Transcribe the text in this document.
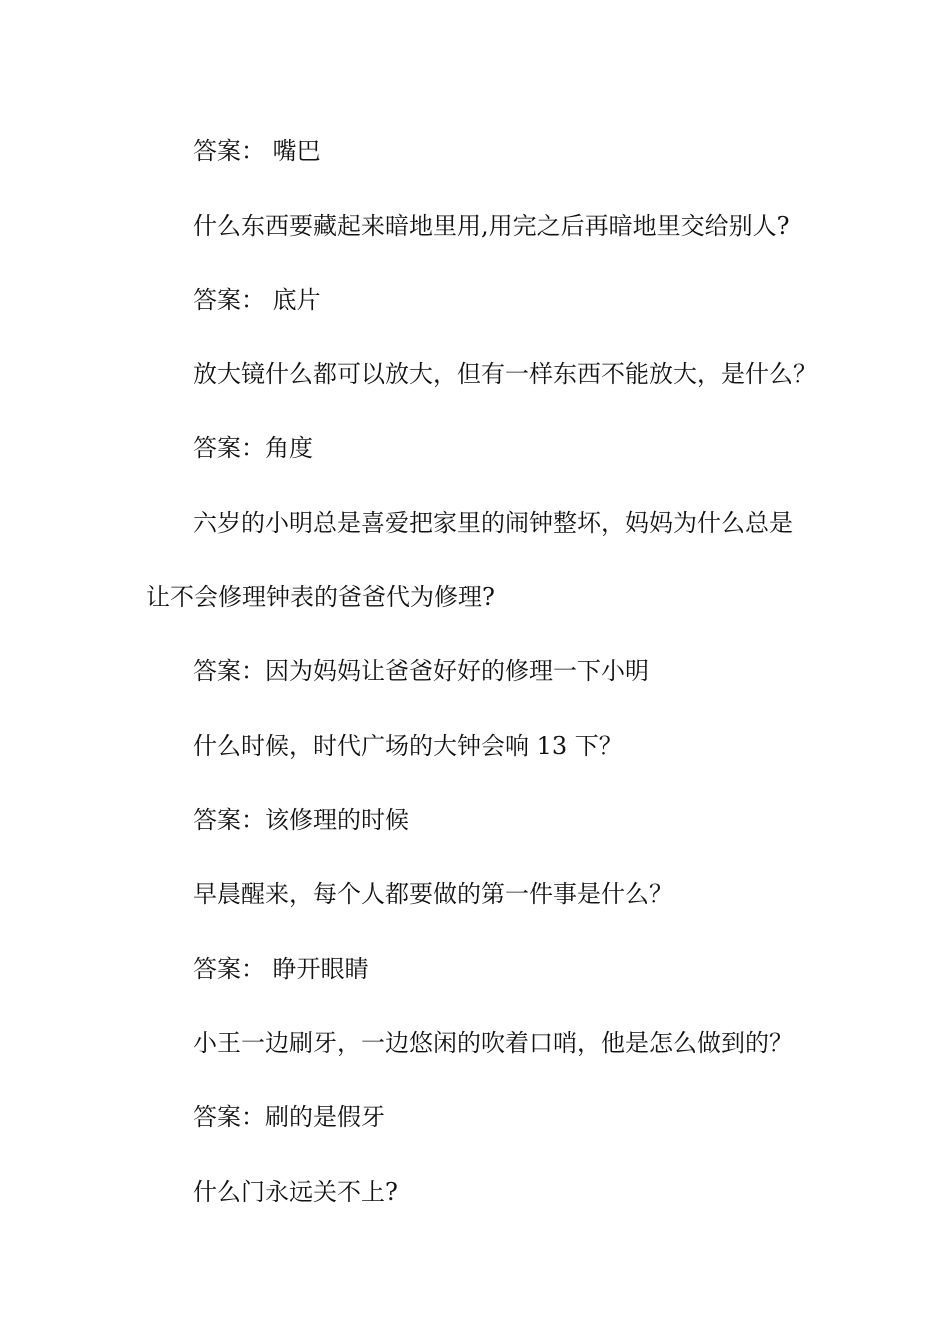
答案： 嘴巴
什么东西要藏起来暗地里用,用完之后再暗地里交给别人?
答案： 底片
放大镜什么都可以放大，但有一样东西不能放大，是什么？
答案：角度
六岁的小明总是喜爱把家里的闹钟整坏，妈妈为什么总是
让不会修理钟表的爸爸代为修理?
答案：因为妈妈让爸爸好好的修理一下小明
什么时候，时代广场的大钟会响 13 下？
答案：该修理的时候
早晨醒来，每个人都要做的第一件事是什么？
答案： 睁开眼睛
小王一边刷牙，一边悠闲的吹着口哨，他是怎么做到的？
答案：刷的是假牙
什么门永远关不上?
